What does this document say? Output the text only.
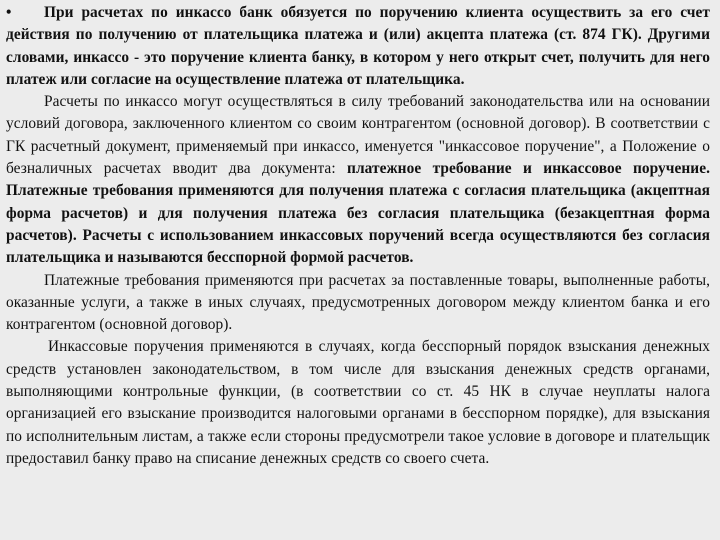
• При расчетах по инкассо банк обязуется по поручению клиента осуществить за его счет действия по получению от плательщика платежа и (или) акцепта платежа (ст. 874 ГК). Другими словами, инкассо - это поручение клиента банку, в котором у него открыт счет, получить для него платеж или согласие на осуществление платежа от плательщика.

Расчеты по инкассо могут осуществляться в силу требований законодательства или на основании условий договора, заключенного клиентом со своим контрагентом (основной договор). В соответствии с ГК расчетный документ, применяемый при инкассо, именуется "инкассовое поручение", а Положение о безналичных расчетах вводит два документа: платежное требование и инкассовое поручение. Платежные требования применяются для получения платежа с согласия плательщика (акцептная форма расчетов) и для получения платежа без согласия плательщика (безакцептная форма расчетов). Расчеты с использованием инкассовых поручений всегда осуществляются без согласия плательщика и называются бесспорной формой расчетов.

Платежные требования применяются при расчетах за поставленные товары, выполненные работы, оказанные услуги, а также в иных случаях, предусмотренных договором между клиентом банка и его контрагентом (основной договор).

Инкассовые поручения применяются в случаях, когда бесспорный порядок взыскания денежных средств установлен законодательством, в том числе для взыскания денежных средств органами, выполняющими контрольные функции, (в соответствии со ст. 45 НК в случае неуплаты налога организацией его взыскание производится налоговыми органами в бесспорном порядке), для взыскания по исполнительным листам, а также если стороны предусмотрели такое условие в договоре и плательщик предоставил банку право на списание денежных средств со своего счета.
